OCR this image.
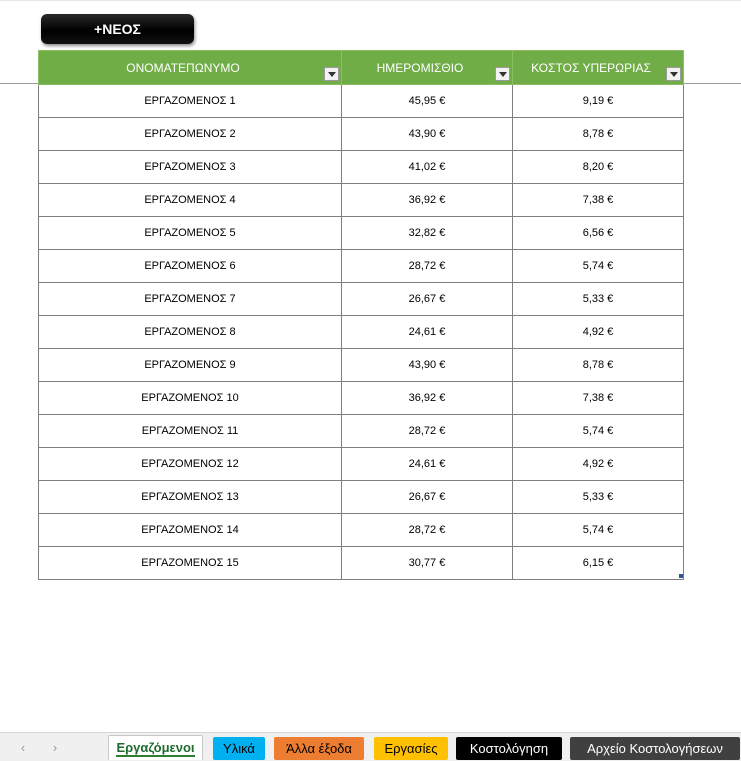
+ΝΕΟΣ
ΟΝΟΜΑΤΕΠΩΝΥΜΟ	ΗΜΕΡΟΜΙΣΘΙΟ	ΚΟΣΤΟΣ ΥΠΕΡΩΡΙΑΣ

ΕΡΓΑΖΟΜΕΝΟΣ 1	45,95 €	9,19 €
ΕΡΓΑΖΟΜΕΝΟΣ 2	43,90 €	8,78 €
ΕΡΓΑΖΟΜΕΝΟΣ 3	41,02 €	8,20 €
ΕΡΓΑΖΟΜΕΝΟΣ 4	36,92 €	7,38 €
ΕΡΓΑΖΟΜΕΝΟΣ 5	32,82 €	6,56 €
ΕΡΓΑΖΟΜΕΝΟΣ 6	28,72 €	5,74 €
ΕΡΓΑΖΟΜΕΝΟΣ 7	26,67 €	5,33 €
ΕΡΓΑΖΟΜΕΝΟΣ 8	24,61 €	4,92 €
ΕΡΓΑΖΟΜΕΝΟΣ 9	43,90 €	8,78 €
ΕΡΓΑΖΟΜΕΝΟΣ 10	36,92 €	7,38 €
ΕΡΓΑΖΟΜΕΝΟΣ 11	28,72 €	5,74 €
ΕΡΓΑΖΟΜΕΝΟΣ 12	24,61 €	4,92 €
ΕΡΓΑΖΟΜΕΝΟΣ 13	26,67 €	5,33 €
ΕΡΓΑΖΟΜΕΝΟΣ 14	28,72 €	5,74 €
ΕΡΓΑΖΟΜΕΝΟΣ 15	30,77 €	6,15 €
‹	›	Εργαζόμενοι Υλικά Άλλα έξοδα	Εργασίες Κοστολόγηση	Αρχείο Κοστολογήσεων
